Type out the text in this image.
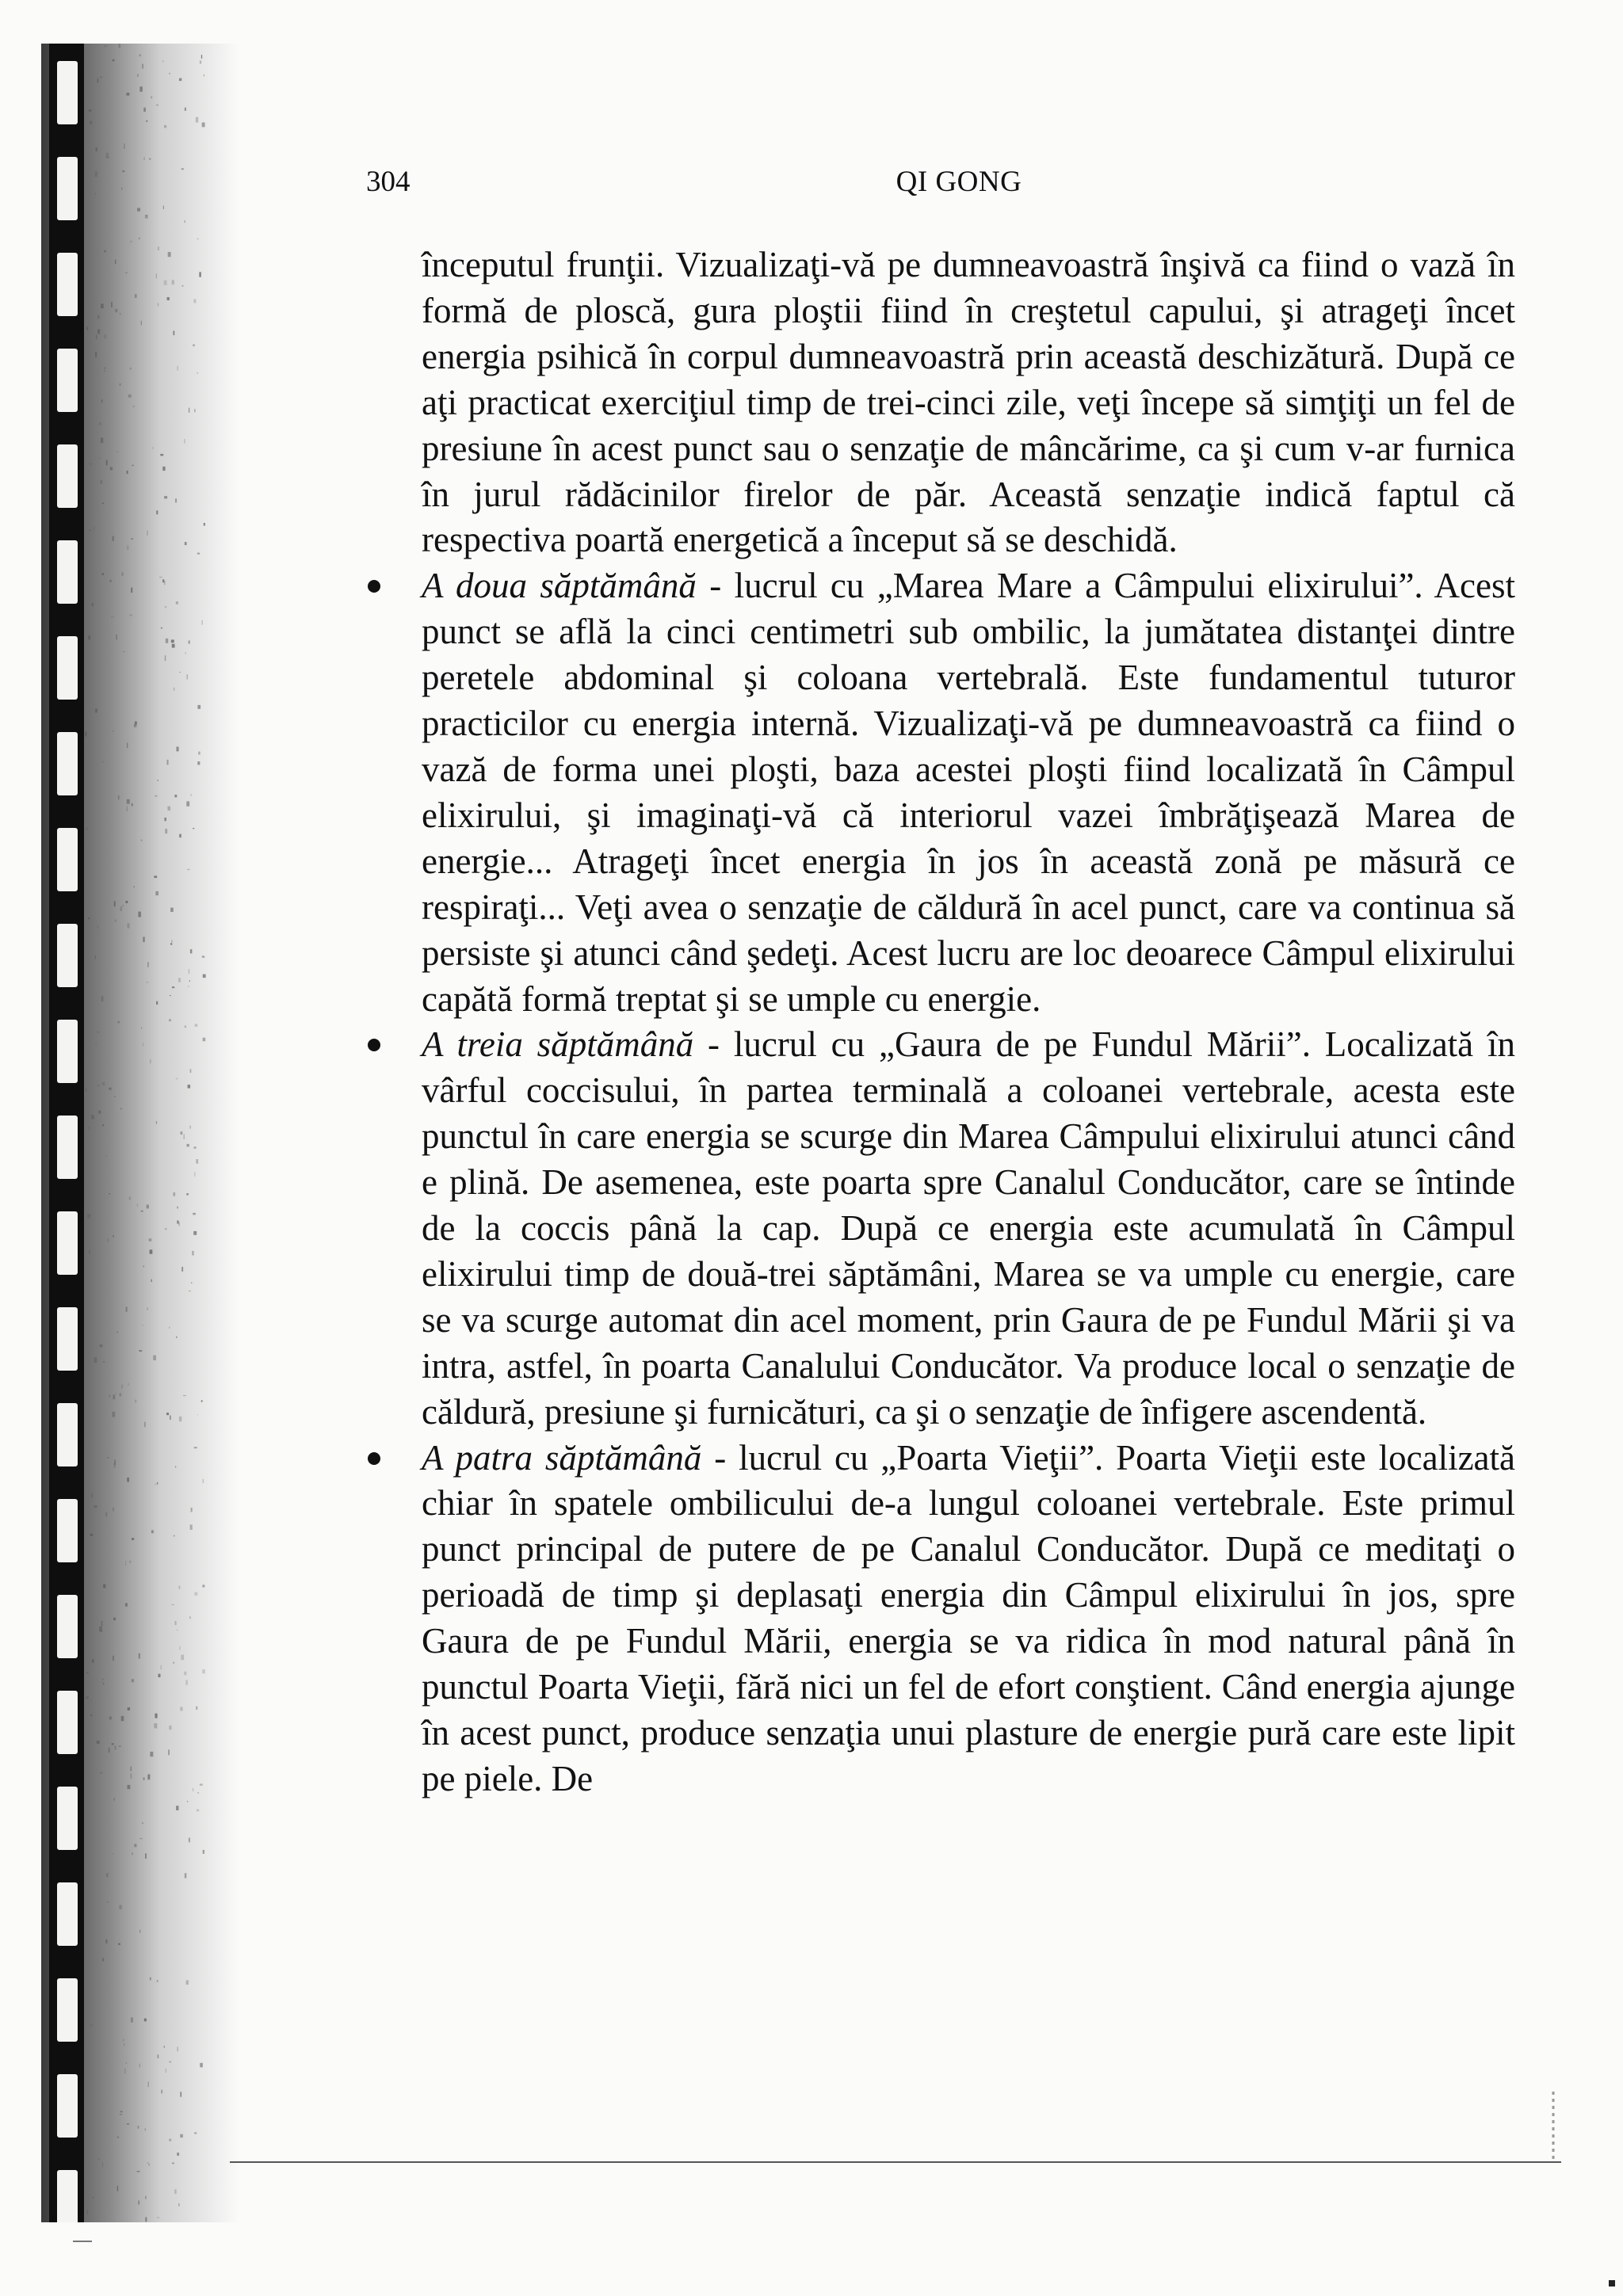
304	QI GONG

începutul frunţii. Vizualizaţi-vă pe dumneavoastră înşivă ca fiind o vază în formă de ploscă, gura ploştii fiind în creştetul capului, şi atrageţi încet energia psihică în corpul dumneavoastră prin această deschizătură. După ce aţi practicat exerciţiul timp de trei-cinci zile, veţi începe să simţiţi un fel de presiune în acest punct sau o senzaţie de mâncărime, ca şi cum v-ar furnica în jurul rădăcinilor firelor de păr. Această senzaţie indică faptul că respectiva poartă energetică a început să se deschidă.

A doua săptămână - lucrul cu „Marea Mare a Câmpului elixirului”. Acest punct se află la cinci centimetri sub ombilic, la jumătatea distanţei dintre peretele abdominal şi coloana vertebrală. Este fundamentul tuturor practicilor cu energia internă. Vizualizaţi-vă pe dumneavoastră ca fiind o vază de forma unei ploşti, baza acestei ploşti fiind localizată în Câmpul elixirului, şi imaginaţi-vă că interiorul vazei îmbrăţişează Marea de energie... Atrageţi încet energia în jos în această zonă pe măsură ce respiraţi... Veţi avea o senzaţie de căldură în acel punct, care va continua să persiste şi atunci când şedeţi. Acest lucru are loc deoarece Câmpul elixirului capătă formă treptat şi se umple cu energie.
A treia săptămână - lucrul cu „Gaura de pe Fundul Mării”. Localizată în vârful coccisului, în partea terminală a coloanei vertebrale, acesta este punctul în care energia se scurge din Marea Câmpului elixirului atunci când e plină. De asemenea, este poarta spre Canalul Conducător, care se întinde de la coccis până la cap. După ce energia este acumulată în Câmpul elixirului timp de două-trei săptămâni, Marea se va umple cu energie, care se va scurge automat din acel moment, prin Gaura de pe Fundul Mării şi va intra, astfel, în poarta Canalului Conducător. Va produce local o senzaţie de căldură, presiune şi furnicături, ca şi o senzaţie de înfigere ascendentă.
A patra săptămână - lucrul cu „Poarta Vieţii”. Poarta Vieţii este localizată chiar în spatele ombilicului de-a lungul coloanei vertebrale. Este primul punct principal de putere de pe Canalul Conducător. După ce meditaţi o perioadă de timp şi deplasaţi energia din Câmpul elixirului în jos, spre Gaura de pe Fundul Mării, energia se va ridica în mod natural până în punctul Poarta Vieţii, fără nici un fel de efort conştient. Când energia ajunge în acest punct, produce senzaţia unui plasture de energie pură care este lipit pe piele. De
